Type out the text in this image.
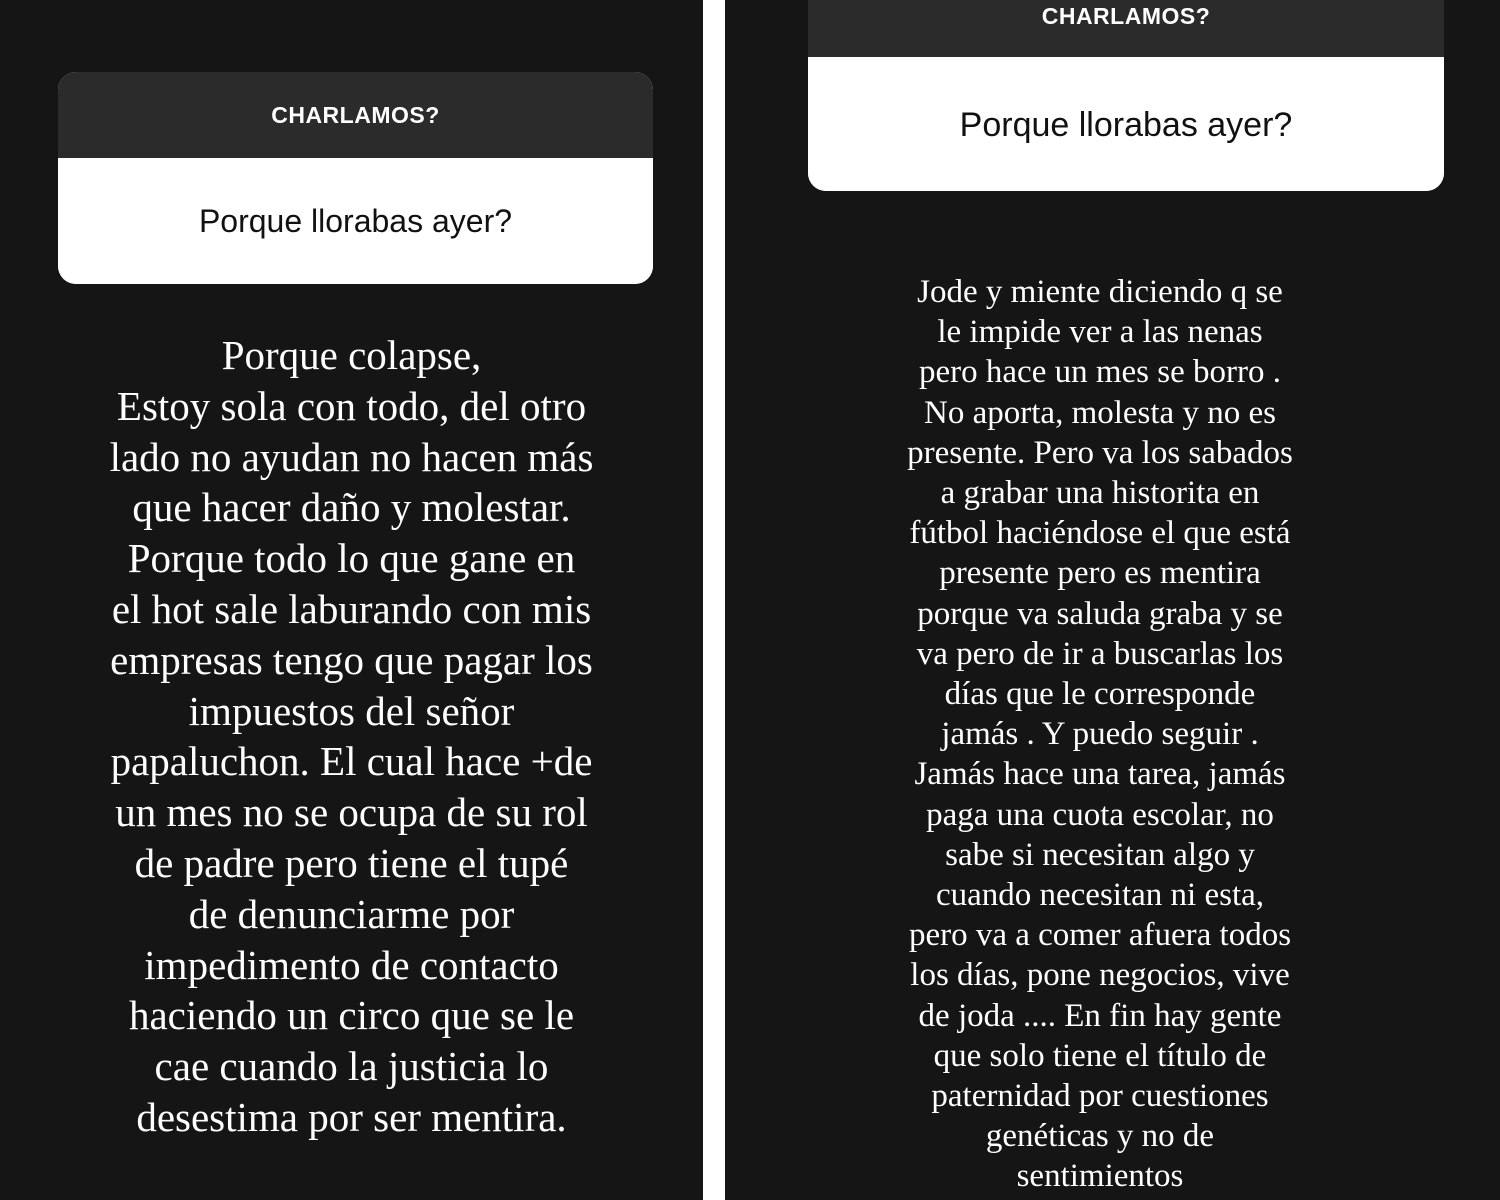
CHARLAMOS?
Porque llorabas ayer?
Porque colapse,
Estoy sola con todo, del otro
lado no ayudan no hacen más
que hacer daño y molestar.
Porque todo lo que gane en
el hot sale laburando con mis
empresas tengo que pagar los
impuestos del señor
papaluchon. El cual hace +de
un mes no se ocupa de su rol
de padre pero tiene el tupé
de denunciarme por
impedimento de contacto
haciendo un circo que se le
cae cuando la justicia lo
desestima por ser mentira.
CHARLAMOS?
Porque llorabas ayer?
Jode y miente diciendo q se
le impide ver a las nenas
pero hace un mes se borro .
No aporta, molesta y no es
presente. Pero va los sabados
a grabar una historita en
fútbol haciéndose el que está
presente pero es mentira
porque va saluda graba y se
va pero de ir a buscarlas los
días que le corresponde
jamás . Y puedo seguir .
Jamás hace una tarea, jamás
paga una cuota escolar, no
sabe si necesitan algo y
cuando necesitan ni esta,
pero va a comer afuera todos
los días, pone negocios, vive
de joda .... En fin hay gente
que solo tiene el título de
paternidad por cuestiones
genéticas y no de
sentimientos
